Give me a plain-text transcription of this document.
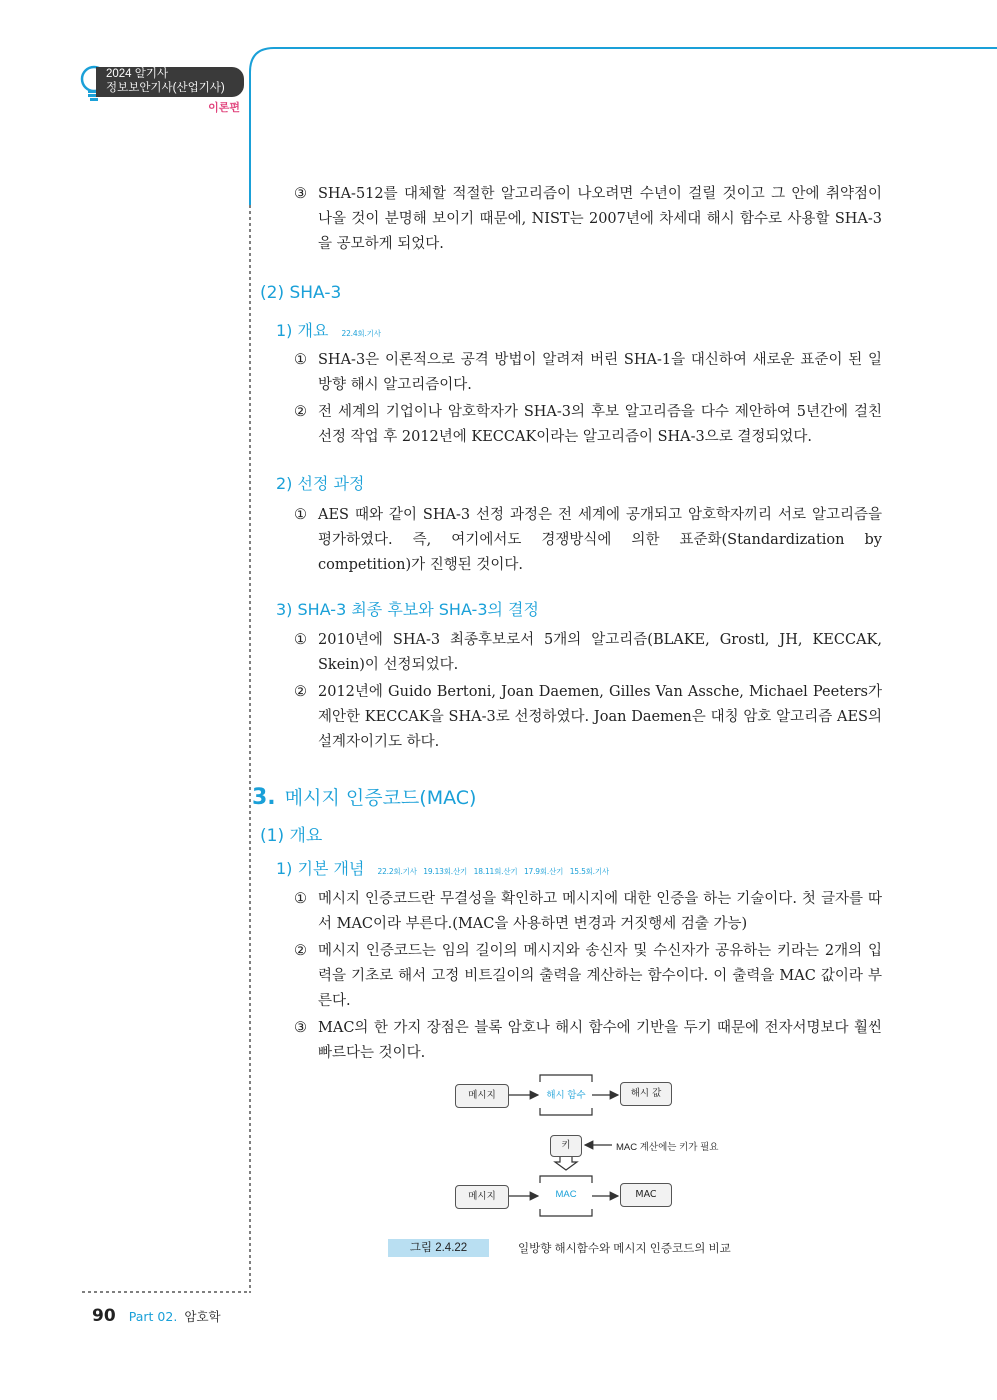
2024 알기사
정보보안기사(산업기사)
이론편
③ SHA-512를 대체할 적절한 알고리즘이 나오려면 수년이 걸릴 것이고 그 안에 취약점이 나올 것이 분명해 보이기 때문에, NIST는 2007년에 차세대 해시 함수로 사용할 SHA-3을 공모하게 되었다.
(2) SHA-3
1) 개요 22.4회.기사
① SHA-3은 이론적으로 공격 방법이 알려져 버린 SHA-1을 대신하여 새로운 표준이 된 일방향 해시 알고리즘이다.
② 전 세계의 기업이나 암호학자가 SHA-3의 후보 알고리즘을 다수 제안하여 5년간에 걸친 선정 작업 후 2012년에 KECCAK이라는 알고리즘이 SHA-3으로 결정되었다.
2) 선정 과정
① AES 때와 같이 SHA-3 선정 과정은 전 세계에 공개되고 암호학자끼리 서로 알고리즘을 평가하였다. 즉, 여기에서도 경쟁방식에 의한 표준화(Standardization by competition)가 진행된 것이다.
3) SHA-3 최종 후보와 SHA-3의 결정
① 2010년에 SHA-3 최종후보로서 5개의 알고리즘(BLAKE, Grostl, JH, KECCAK, Skein)이 선정되었다.
② 2012년에 Guido Bertoni, Joan Daemen, Gilles Van Assche, Michael Peeters가 제안한 KECCAK을 SHA-3로 선정하였다. Joan Daemen은 대칭 암호 알고리즘 AES의 설계자이기도 하다.
3. 메시지 인증코드(MAC)
(1) 개요
1) 기본 개념 22.2회.기사   19.13회.산기   18.11회.산기   17.9회.산기   15.5회.기사
① 메시지 인증코드란 무결성을 확인하고 메시지에 대한 인증을 하는 기술이다. 첫 글자를 따서 MAC이라 부른다.(MAC을 사용하면 변경과 거짓행세 검출 가능)
② 메시지 인증코드는 임의 길이의 메시지와 송신자 및 수신자가 공유하는 키라는 2개의 입력을 기초로 해서 고정 비트길이의 출력을 계산하는 함수이다. 이 출력을 MAC 값이라 부른다.
③ MAC의 한 가지 장점은 블록 암호나 해시 함수에 기반을 두기 때문에 전자서명보다 훨씬 빠르다는 것이다.
메시지	해시 함수	해시 값
키	MAC 계산에는 키가 필요
메시지	MAC	MAC
그림 2.4.22	일방향 해시함수와 메시지 인증코드의 비교
90 Part 02. 암호학
